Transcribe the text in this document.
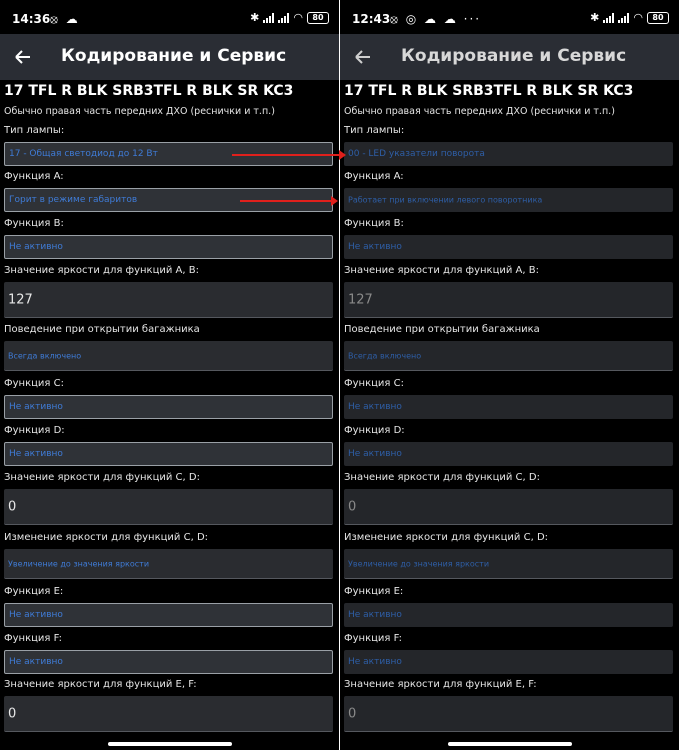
14:36 ⦻ ☁	✱	◠	80
Кодирование и Сервис
17 TFL R BLK SRB3TFL R BLK SR KC3
Обычно правая часть передних ДХО (реснички и т.п.)
Тип лампы:
17 - Общая светодиод до 12 Вт
Функция A:
Горит в режиме габаритов
Функция B:
Не активно
Значение яркости для функций A, B:
127
Поведение при открытии багажника
Всегда включено
Функция C:
Не активно
Функция D:
Не активно
Значение яркости для функций C, D:
0
Изменение яркости для функций C, D:
Увеличение до значения яркости
Функция E:
Не активно
Функция F:
Не активно
Значение яркости для функций E, F:
0
12:43 ⦻ ◎ ☁ ☁ ···	✱	◠	80
Кодирование и Сервис
17 TFL R BLK SRB3TFL R BLK SR KC3
Обычно правая часть передних ДХО (реснички и т.п.)
Тип лампы:
00 - LED указатели поворота
Функция A:
Работает при включении левого поворотника
Функция B:
Не активно
Значение яркости для функций A, B:
127
Поведение при открытии багажника
Всегда включено
Функция C:
Не активно
Функция D:
Не активно
Значение яркости для функций C, D:
0
Изменение яркости для функций C, D:
Увеличение до значения яркости
Функция E:
Не активно
Функция F:
Не активно
Значение яркости для функций E, F:
0
